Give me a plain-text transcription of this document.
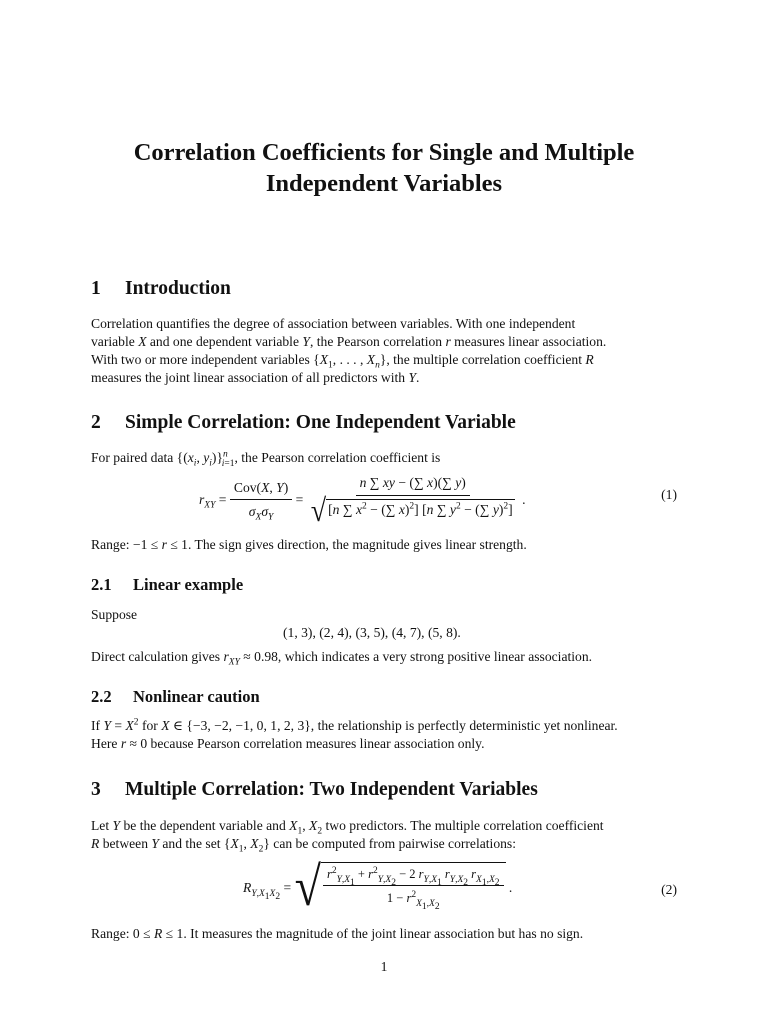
Correlation Coefficients for Single and Multiple Independent Variables
1 Introduction
Correlation quantifies the degree of association between variables. With one independent
variable X and one dependent variable Y, the Pearson correlation r measures linear association.
With two or more independent variables {$X_1$, . . . , $X_n$}, the multiple correlation coefficient R
measures the joint linear association of all predictors with Y.
2 Simple Correlation: One Independent Variable
For paired data {($x_i$, $y_i)\}^n_{i=1}$, the Pearson correlation coefficient is
$r_{XY} = \frac{\text{Cov(X, Y)}}{\sigma_X\sigma_Y} = \frac{n \sum xy - (\sum x)(\sum y)}{√ [n \sum x^2 - (\sum x)^2] [n \sum y^2 - (\sum y)^2]}$ .	(1)
Range: −1 ≤ r ≤ 1. The sign gives direction, the magnitude gives linear strength.
2.1 Linear example
Suppose
(1, 3), (2, 4), (3, 5), (4, 7), (5, 8).
Direct calculation gives $r_{XY} \approx 0.98$, which indicates a very strong positive linear association.
2.2 Nonlinear caution
If $Y = X^2$ for X ∈ {−3, −2, −1, 0, 1, 2, 3}, the relationship is perfectly deterministic yet nonlinear.
Here r ≈ 0 because Pearson correlation measures linear association only.
3 Multiple Correlation: Two Independent Variables
Let Y be the dependent variable and $X_1$, $X_2$ two predictors. The multiple correlation coefficient
R between Y and the set {$X_1$, $X_2$} can be computed from pairwise correlations:
$R_{Y,X_1X_2}$ = √ $\frac{r^2_{Y,X_1} + r^2_{Y,X_2} - 2 r_{Y,X_1} r_{Y,X_2} r_{X_1,X_2}}{1 - r^2_{X_1,X_2}}$ .	(2)
Range: 0 ≤ R ≤ 1. It measures the magnitude of the joint linear association but has no sign.
1
